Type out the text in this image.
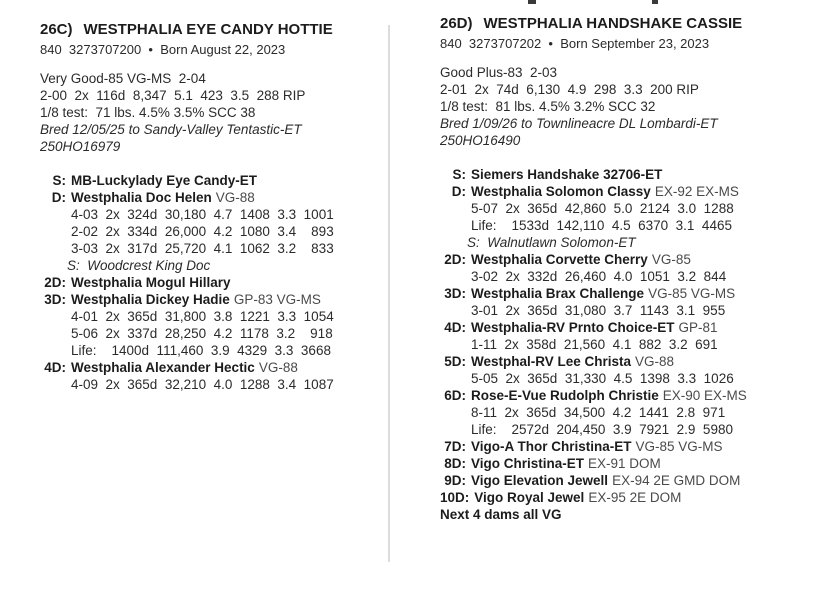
26C) WESTPHALIA EYE CANDY HOTTIE
840  3273707200  •  Born August 22, 2023
Very Good-85 VG-MS  2-04
2-00  2x  116d  8,347  5.1  423  3.5  288 RIP
1/8 test:  71 lbs. 4.5% 3.5% SCC 38
Bred 12/05/25 to Sandy-Valley Tentastic-ET
250HO16979
S: MB-Luckylady Eye Candy-ET
D: Westphalia Doc Helen VG-88
4-03  2x  324d  30,180  4.7  1408  3.3  1001
2-02  2x  334d  26,000  4.2  1080  3.4    893
3-03  2x  317d  25,720  4.1  1062  3.2    833
S:  Woodcrest King Doc
2D: Westphalia Mogul Hillary
3D: Westphalia Dickey Hadie GP-83 VG-MS
4-01  2x  365d  31,800  3.8  1221  3.3  1054
5-06  2x  337d  28,250  4.2  1178  3.2    918
Life:    1400d  111,460  3.9  4329  3.3  3668
4D: Westphalia Alexander Hectic VG-88
4-09  2x  365d  32,210  4.0  1288  3.4  1087
26D) WESTPHALIA HANDSHAKE CASSIE
840  3273707202  •  Born September 23, 2023
Good Plus-83  2-03
2-01  2x  74d  6,130  4.9  298  3.3  200 RIP
1/8 test:  81 lbs. 4.5% 3.2% SCC 32
Bred 1/09/26 to Townlineacre DL Lombardi-ET
250HO16490
S: Siemers Handshake 32706-ET
D: Westphalia Solomon Classy EX-92 EX-MS
5-07  2x  365d  42,860  5.0  2124  3.0  1288
Life:    1533d  142,110  4.5  6370  3.1  4465
S:  Walnutlawn Solomon-ET
2D: Westphalia Corvette Cherry VG-85
3-02  2x  332d  26,460  4.0  1051  3.2  844
3D: Westphalia Brax Challenge VG-85 VG-MS
3-01  2x  365d  31,080  3.7  1143  3.1  955
4D: Westphalia-RV Prnto Choice-ET GP-81
1-11  2x  358d  21,560  4.1  882  3.2  691
5D: Westphal-RV Lee Christa VG-88
5-05  2x  365d  31,330  4.5  1398  3.3  1026
6D: Rose-E-Vue Rudolph Christie EX-90 EX-MS
8-11  2x  365d  34,500  4.2  1441  2.8  971
Life:    2572d  204,450  3.9  7921  2.9  5980
7D: Vigo-A Thor Christina-ET VG-85 VG-MS
8D: Vigo Christina-ET EX-91 DOM
9D: Vigo Elevation Jewell EX-94 2E GMD DOM
10D: Vigo Royal Jewel EX-95 2E DOM
Next 4 dams all VG
